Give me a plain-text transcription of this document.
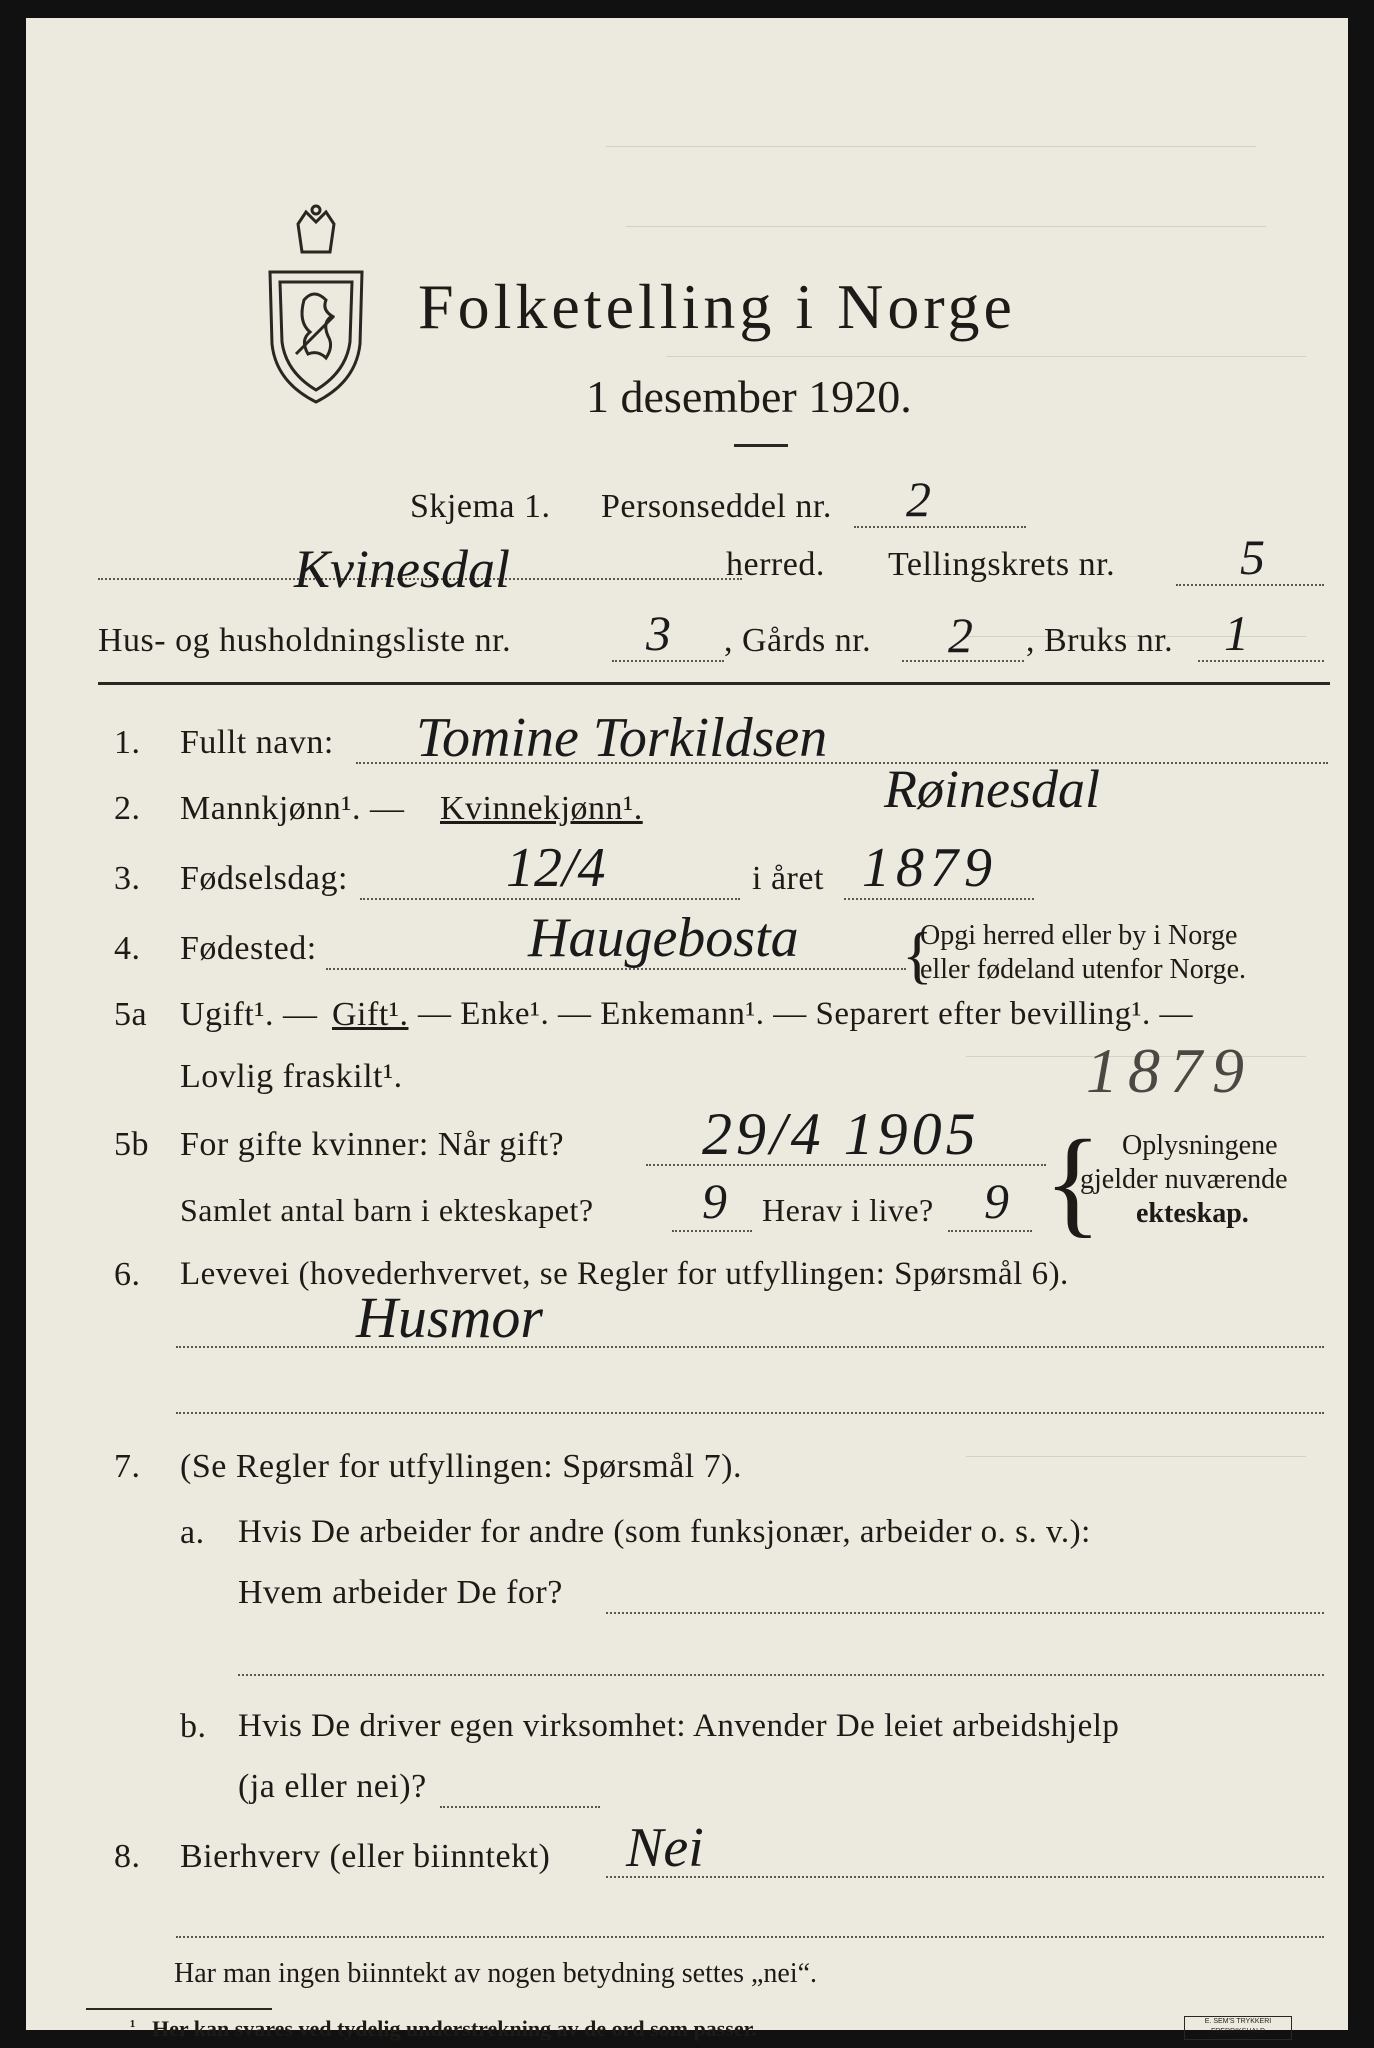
Folketelling i Norge
1 desember 1920.
Skjema 1. Personseddel nr. 2
Kvinesdal	herred. Tellingskrets nr. 5
Hus- og husholdningsliste nr.	3 , Gårds nr. 2 , Bruks nr. 1
1. Fullt navn: Tomine Torkildsen
2. Mannkjønn¹. — Kvinnekjønn¹.	Røinesdal
3. Fødselsdag:	12/4	i året 1879
4. Fødested:	Haugebosta {
Opgi herred eller by i Norge
eller fødeland utenfor Norge.
5a Ugift¹. — Gift¹. — Enke¹. — Enkemann¹. — Separert efter bevilling¹. —
Lovlig fraskilt¹.	1879
5b For gifte kvinner: Når gift? 29/4 1905
Samlet antal barn i ekteskapet? 9 Herav i live? 9 { Oplysningene
gjelder nuværende
ekteskap.
6. Levevei (hovederhvervet, se Regler for utfyllingen: Spørsmål 6).
Husmor
7. (Se Regler for utfyllingen: Spørsmål 7).
a. Hvis De arbeider for andre (som funksjonær, arbeider o. s. v.):
Hvem arbeider De for?
b. Hvis De driver egen virksomhet: Anvender De leiet arbeidshjelp
(ja eller nei)?
8. Bierhverv (eller biinntekt) Nei
Har man ingen biinntekt av nogen betydning settes „nei“.
¹ Her kan svares ved tydelig understrekning av de ord som passer.	E. SEM'S TRYKKERI
FREDRIKSHALD
